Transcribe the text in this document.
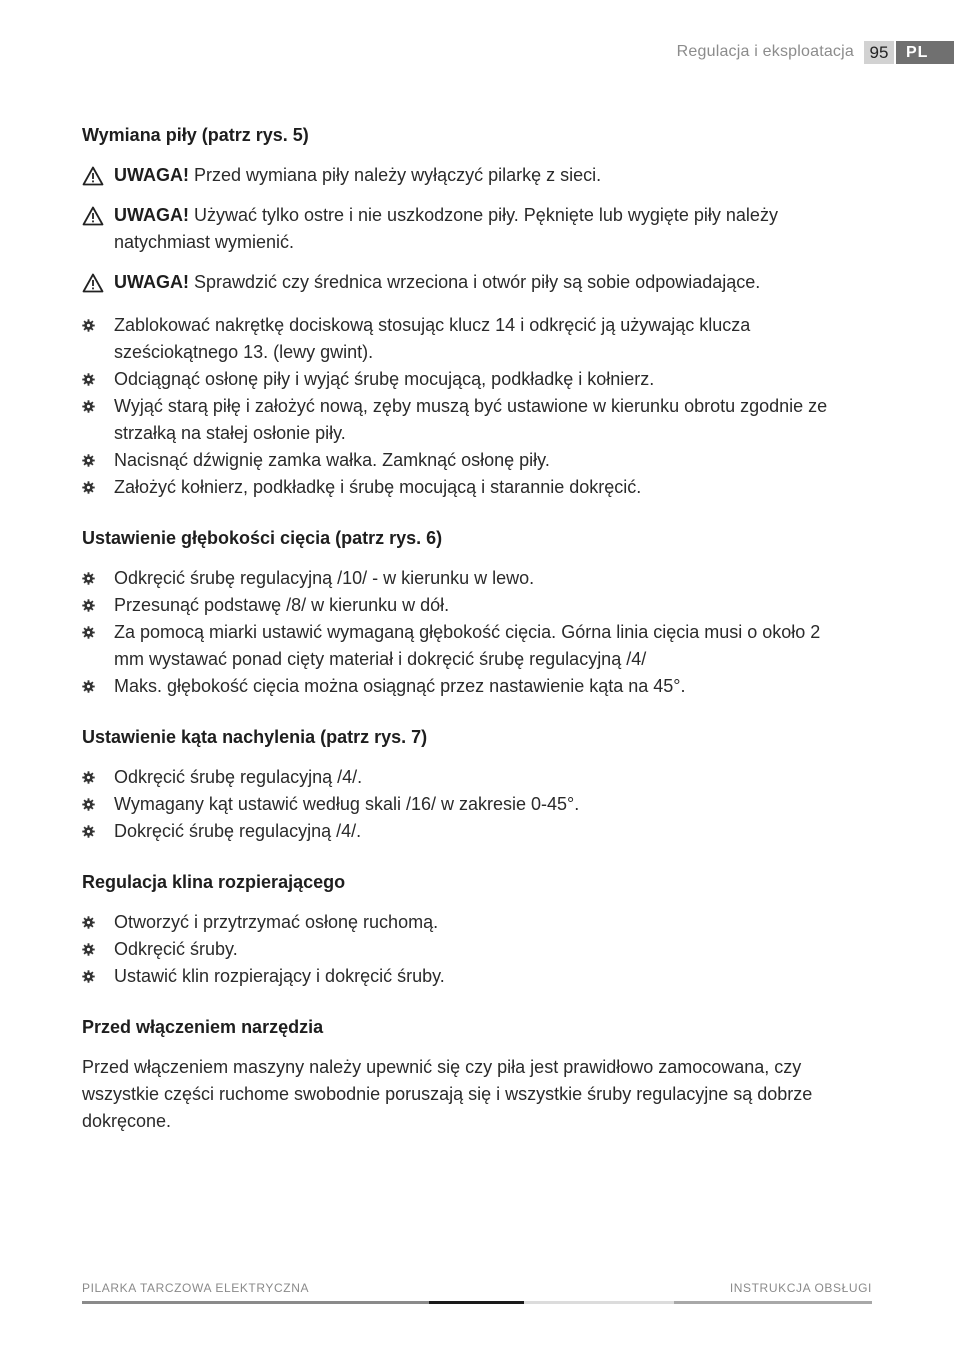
Regulacja i eksploatacja 95	PL
Wymiana piły (patrz rys. 5)
UWAGA! Przed wymiana piły należy wyłączyć pilarkę z sieci.
UWAGA! Używać tylko ostre i nie uszkodzone piły. Pęknięte lub wygięte piły należy natychmiast wymienić.
UWAGA! Sprawdzić czy średnica wrzeciona i otwór piły są sobie odpowiadające.
Zablokować nakrętkę dociskową stosując klucz 14 i odkręcić ją używając klucza sześciokątnego 13. (lewy gwint).
Odciągnąć osłonę piły i wyjąć śrubę mocującą, podkładkę i kołnierz.
Wyjąć starą piłę i założyć nową, zęby muszą być ustawione w kierunku obrotu zgodnie ze strzałką na stałej osłonie piły.
Nacisnąć dźwignię zamka wałka. Zamknąć osłonę piły.
Założyć kołnierz, podkładkę i śrubę mocującą i starannie dokręcić.
Ustawienie głębokości cięcia (patrz rys. 6)
Odkręcić śrubę regulacyjną /10/ - w kierunku w lewo.
Przesunąć podstawę /8/ w kierunku w dół.
Za pomocą miarki ustawić wymaganą głębokość cięcia. Górna linia cięcia musi o około 2 mm wystawać ponad cięty materiał i dokręcić śrubę regulacyjną /4/
Maks. głębokość cięcia można osiągnąć przez nastawienie kąta na 45°.
Ustawienie kąta nachylenia (patrz rys. 7)
Odkręcić śrubę regulacyjną /4/.
Wymagany kąt ustawić według skali /16/ w zakresie 0-45°.
Dokręcić śrubę regulacyjną /4/.
Regulacja klina rozpierającego
Otworzyć i przytrzymać osłonę ruchomą.
Odkręcić śruby.
Ustawić klin rozpierający i dokręcić śruby.
Przed włączeniem narzędzia

Przed włączeniem maszyny należy upewnić się czy piła jest prawidłowo zamocowana, czy wszystkie części ruchome swobodnie poruszają się i wszystkie śruby regulacyjne są dobrze dokręcone.

PILARKA TARCZOWA ELEKTRYCZNA	INSTRUKCJA OBSŁUGI
